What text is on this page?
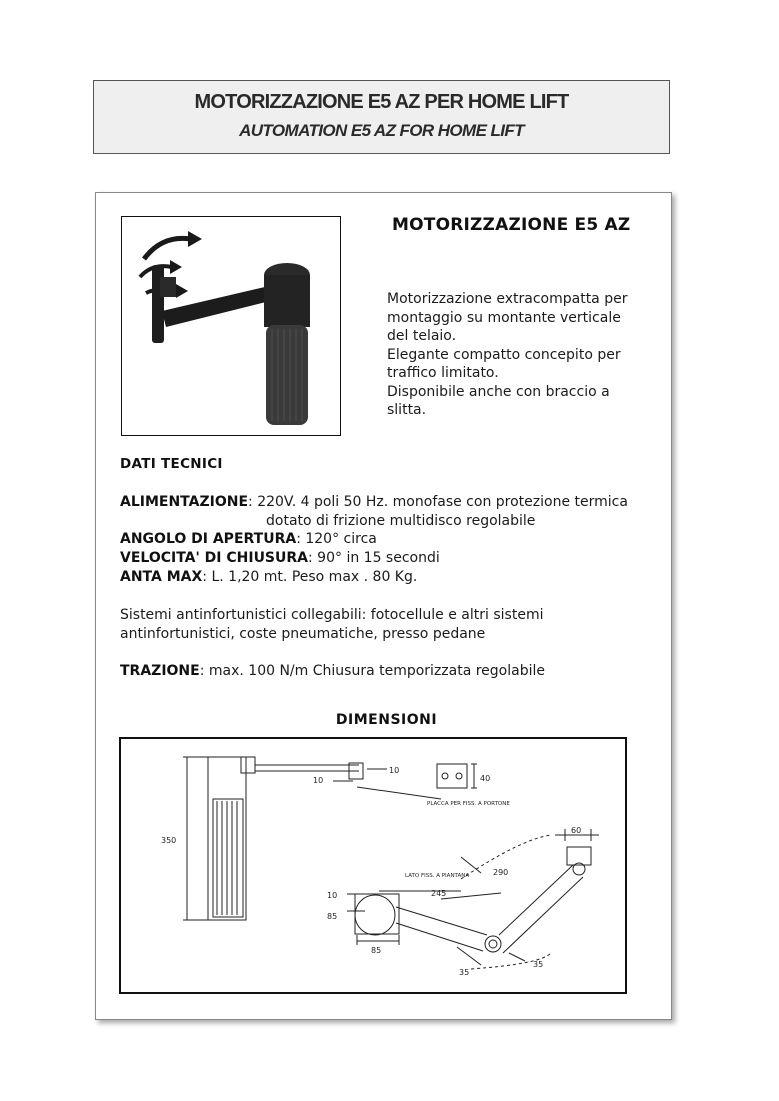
MOTORIZZAZIONE E5 AZ PER HOME LIFT
AUTOMATION E5 AZ FOR HOME LIFT
MOTORIZZAZIONE E5 AZ
Motorizzazione extracompatta per
montaggio su montante verticale
del telaio.
Elegante compatto concepito per
traffico limitato.
Disponibile anche con braccio a
slitta.
DATI TECNICI
ALIMENTAZIONE: 220V. 4 poli 50 Hz. monofase con protezione termica
dotato di frizione multidisco regolabile
ANGOLO DI APERTURA: 120° circa
VELOCITA' DI CHIUSURA: 90° in 15 secondi
ANTA MAX: L. 1,20 mt. Peso max . 80 Kg.
Sistemi antinfortunistici collegabili: fotocellule e altri sistemi
antinfortunistici, coste pneumatiche, presso pedane
TRAZIONE: max. 100 N/m Chiusura temporizzata regolabile
DIMENSIONI
350
10
10
40
PLACCA PER FISS. A PORTONE
60
290
LATO FISS. A PIANTANA
10	245
85
85
35
35
